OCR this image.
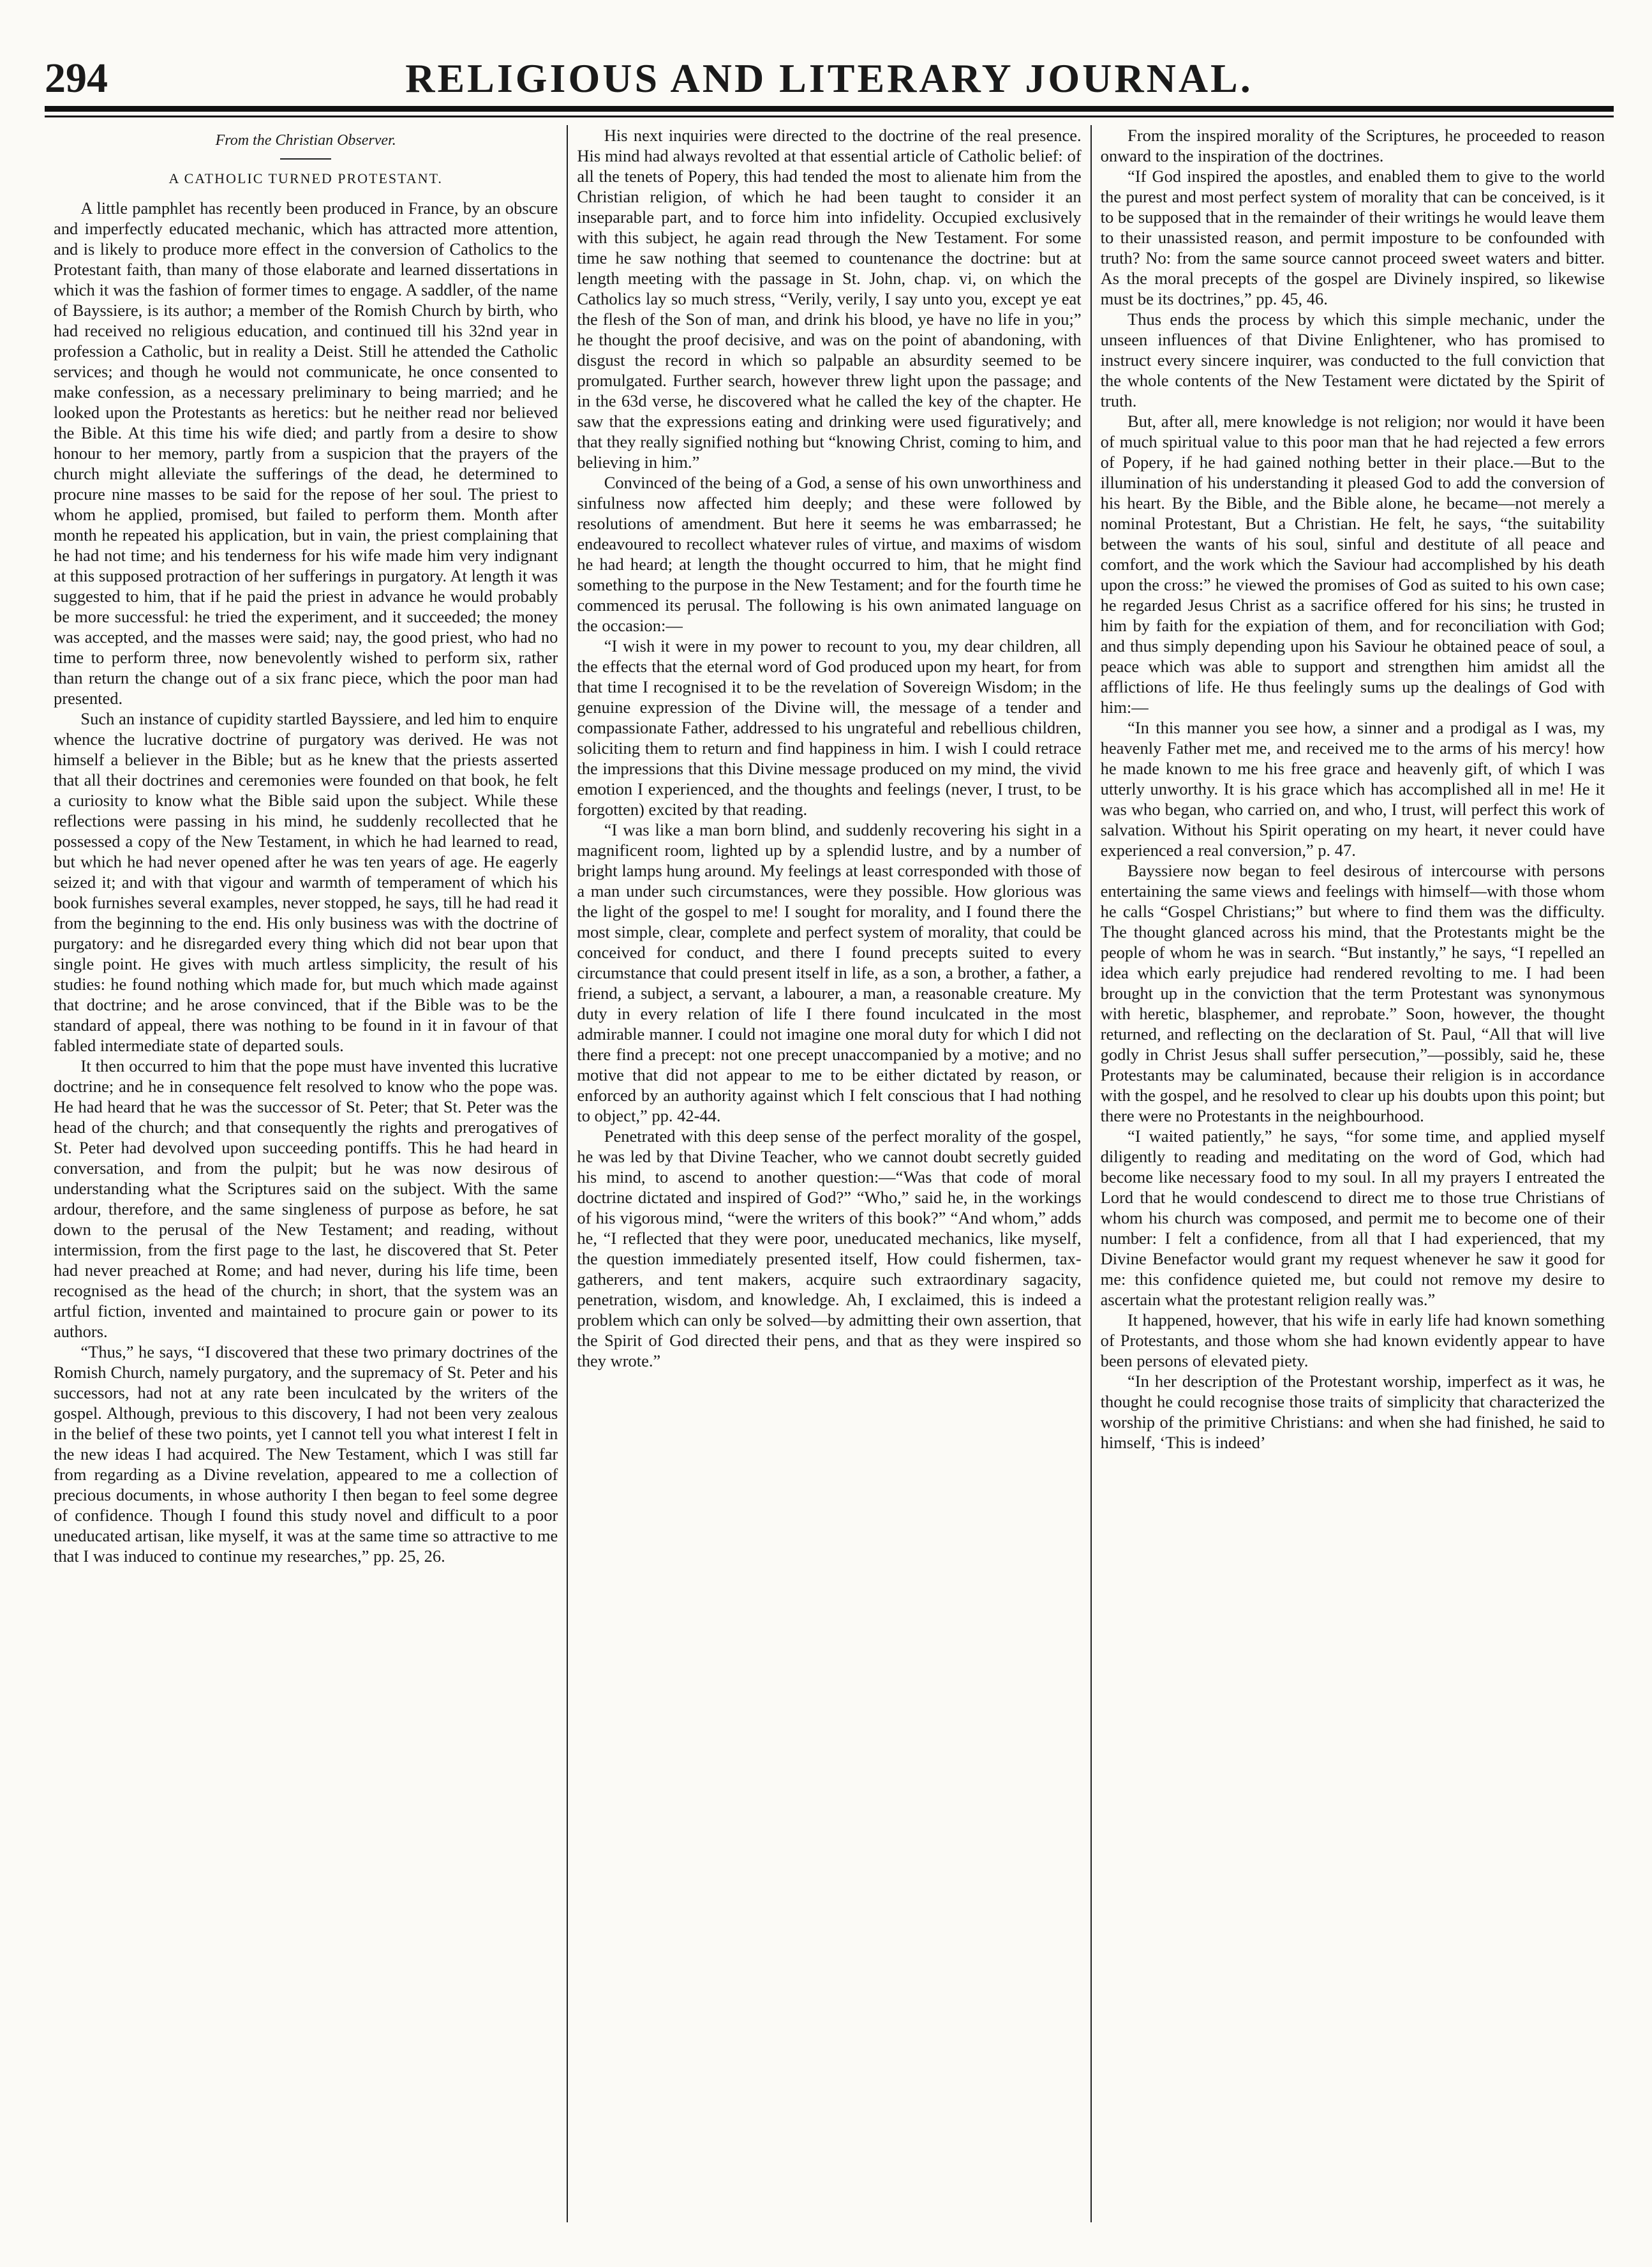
294	RELIGIOUS AND LITERARY JOURNAL.

From the Christian Observer.

A CATHOLIC TURNED PROTESTANT.

A little pamphlet has recently been produced in France, by an obscure and imperfectly educated mechanic, which has attracted more attention, and is likely to produce more effect in the conversion of Catholics to the Protestant faith, than many of those elaborate and learned dissertations in which it was the fashion of former times to engage. A saddler, of the name of Bayssiere, is its author; a member of the Romish Church by birth, who had received no religious education, and continued till his 32nd year in profession a Catholic, but in reality a Deist. Still he attended the Catholic services; and though he would not communicate, he once consented to make confession, as a necessary preliminary to being married; and he looked upon the Protestants as heretics: but he neither read nor believed the Bible. At this time his wife died; and partly from a desire to show honour to her memory, partly from a suspicion that the prayers of the church might alleviate the sufferings of the dead, he determined to procure nine masses to be said for the repose of her soul. The priest to whom he applied, promised, but failed to perform them. Month after month he repeated his application, but in vain, the priest complaining that he had not time; and his tenderness for his wife made him very indignant at this supposed protraction of her sufferings in purgatory. At length it was suggested to him, that if he paid the priest in advance he would probably be more successful: he tried the experiment, and it succeeded; the money was accepted, and the masses were said; nay, the good priest, who had no time to perform three, now benevolently wished to perform six, rather than return the change out of a six franc piece, which the poor man had presented.

Such an instance of cupidity startled Bayssiere, and led him to enquire whence the lucrative doctrine of purgatory was derived. He was not himself a believer in the Bible; but as he knew that the priests asserted that all their doctrines and ceremonies were founded on that book, he felt a curiosity to know what the Bible said upon the subject. While these reflections were passing in his mind, he suddenly recollected that he possessed a copy of the New Testament, in which he had learned to read, but which he had never opened after he was ten years of age. He eagerly seized it; and with that vigour and warmth of temperament of which his book furnishes several examples, never stopped, he says, till he had read it from the beginning to the end. His only business was with the doctrine of purgatory: and he disregarded every thing which did not bear upon that single point. He gives with much artless simplicity, the result of his studies: he found nothing which made for, but much which made against that doctrine; and he arose convinced, that if the Bible was to be the standard of appeal, there was nothing to be found in it in favour of that fabled intermediate state of departed souls.

It then occurred to him that the pope must have invented this lucrative doctrine; and he in consequence felt resolved to know who the pope was. He had heard that he was the successor of St. Peter; that St. Peter was the head of the church; and that consequently the rights and prerogatives of St. Peter had devolved upon succeeding pontiffs. This he had heard in conversation, and from the pulpit; but he was now desirous of understanding what the Scriptures said on the subject. With the same ardour, therefore, and the same singleness of purpose as before, he sat down to the perusal of the New Testament; and reading, without intermission, from the first page to the last, he discovered that St. Peter had never preached at Rome; and had never, during his life time, been recognised as the head of the church; in short, that the system was an artful fiction, invented and maintained to procure gain or power to its authors.

“Thus,” he says, “I discovered that these two primary doctrines of the Romish Church, namely purgatory, and the supremacy of St. Peter and his successors, had not at any rate been inculcated by the writers of the gospel. Although, previous to this discovery, I had not been very zealous in the belief of these two points, yet I cannot tell you what interest I felt in the new ideas I had acquired. The New Testament, which I was still far from regarding as a Divine revelation, appeared to me a collection of precious documents, in whose authority I then began to feel some degree of confidence. Though I found this study novel and difficult to a poor uneducated artisan, like myself, it was at the same time so attractive to me that I was induced to continue my researches,” pp. 25, 26.

His next inquiries were directed to the doctrine of the real presence. His mind had always revolted at that essential article of Catholic belief: of all the tenets of Popery, this had tended the most to alienate him from the Christian religion, of which he had been taught to consider it an inseparable part, and to force him into infidelity. Occupied exclusively with this subject, he again read through the New Testament. For some time he saw nothing that seemed to countenance the doctrine: but at length meeting with the passage in St. John, chap. vi, on which the Catholics lay so much stress, “Verily, verily, I say unto you, except ye eat the flesh of the Son of man, and drink his blood, ye have no life in you;” he thought the proof decisive, and was on the point of abandoning, with disgust the record in which so palpable an absurdity seemed to be promulgated. Further search, however threw light upon the passage; and in the 63d verse, he discovered what he called the key of the chapter. He saw that the expressions eating and drinking were used figuratively; and that they really signified nothing but “knowing Christ, coming to him, and believing in him.”

Convinced of the being of a God, a sense of his own unworthiness and sinfulness now affected him deeply; and these were followed by resolutions of amendment. But here it seems he was embarrassed; he endeavoured to recollect whatever rules of virtue, and maxims of wisdom he had heard; at length the thought occurred to him, that he might find something to the purpose in the New Testament; and for the fourth time he commenced its perusal. The following is his own animated language on the occasion:—

“I wish it were in my power to recount to you, my dear children, all the effects that the eternal word of God produced upon my heart, for from that time I recognised it to be the revelation of Sovereign Wisdom; in the genuine expression of the Divine will, the message of a tender and compassionate Father, addressed to his ungrateful and rebellious children, soliciting them to return and find happiness in him. I wish I could retrace the impressions that this Divine message produced on my mind, the vivid emotion I experienced, and the thoughts and feelings (never, I trust, to be forgotten) excited by that reading.

“I was like a man born blind, and suddenly recovering his sight in a magnificent room, lighted up by a splendid lustre, and by a number of bright lamps hung around. My feelings at least corresponded with those of a man under such circumstances, were they possible. How glorious was the light of the gospel to me! I sought for morality, and I found there the most simple, clear, complete and perfect system of morality, that could be conceived for conduct, and there I found precepts suited to every circumstance that could present itself in life, as a son, a brother, a father, a friend, a subject, a servant, a labourer, a man, a reasonable creature. My duty in every relation of life I there found inculcated in the most admirable manner. I could not imagine one moral duty for which I did not there find a precept: not one precept unaccompanied by a motive; and no motive that did not appear to me to be either dictated by reason, or enforced by an authority against which I felt conscious that I had nothing to object,” pp. 42-44.

Penetrated with this deep sense of the perfect morality of the gospel, he was led by that Divine Teacher, who we cannot doubt secretly guided his mind, to ascend to another question:—“Was that code of moral doctrine dictated and inspired of God?” “Who,” said he, in the workings of his vigorous mind, “were the writers of this book?” “And whom,” adds he, “I reflected that they were poor, uneducated mechanics, like myself, the question immediately presented itself, How could fishermen, tax-gatherers, and tent makers, acquire such extraordinary sagacity, penetration, wisdom, and knowledge. Ah, I exclaimed, this is indeed a problem which can only be solved—by admitting their own assertion, that the Spirit of God directed their pens, and that as they were inspired so they wrote.”

From the inspired morality of the Scriptures, he proceeded to reason onward to the inspiration of the doctrines.

“If God inspired the apostles, and enabled them to give to the world the purest and most perfect system of morality that can be conceived, is it to be supposed that in the remainder of their writings he would leave them to their unassisted reason, and permit imposture to be confounded with truth? No: from the same source cannot proceed sweet waters and bitter. As the moral precepts of the gospel are Divinely inspired, so likewise must be its doctrines,” pp. 45, 46.

Thus ends the process by which this simple mechanic, under the unseen influences of that Divine Enlightener, who has promised to instruct every sincere inquirer, was conducted to the full conviction that the whole contents of the New Testament were dictated by the Spirit of truth.

But, after all, mere knowledge is not religion; nor would it have been of much spiritual value to this poor man that he had rejected a few errors of Popery, if he had gained nothing better in their place.—But to the illumination of his understanding it pleased God to add the conversion of his heart. By the Bible, and the Bible alone, he became—not merely a nominal Protestant, But a Christian. He felt, he says, “the suitability between the wants of his soul, sinful and destitute of all peace and comfort, and the work which the Saviour had accomplished by his death upon the cross:” he viewed the promises of God as suited to his own case; he regarded Jesus Christ as a sacrifice offered for his sins; he trusted in him by faith for the expiation of them, and for reconciliation with God; and thus simply depending upon his Saviour he obtained peace of soul, a peace which was able to support and strengthen him amidst all the afflictions of life. He thus feelingly sums up the dealings of God with him:—

“In this manner you see how, a sinner and a prodigal as I was, my heavenly Father met me, and received me to the arms of his mercy! how he made known to me his free grace and heavenly gift, of which I was utterly unworthy. It is his grace which has accomplished all in me! He it was who began, who carried on, and who, I trust, will perfect this work of salvation. Without his Spirit operating on my heart, it never could have experienced a real conversion,” p. 47.

Bayssiere now began to feel desirous of intercourse with persons entertaining the same views and feelings with himself—with those whom he calls “Gospel Christians;” but where to find them was the difficulty. The thought glanced across his mind, that the Protestants might be the people of whom he was in search. “But instantly,” he says, “I repelled an idea which early prejudice had rendered revolting to me. I had been brought up in the conviction that the term Protestant was synonymous with heretic, blasphemer, and reprobate.” Soon, however, the thought returned, and reflecting on the declaration of St. Paul, “All that will live godly in Christ Jesus shall suffer persecution,”—possibly, said he, these Protestants may be caluminated, because their religion is in accordance with the gospel, and he resolved to clear up his doubts upon this point; but there were no Protestants in the neighbourhood.

“I waited patiently,” he says, “for some time, and applied myself diligently to reading and meditating on the word of God, which had become like necessary food to my soul. In all my prayers I entreated the Lord that he would condescend to direct me to those true Christians of whom his church was composed, and permit me to become one of their number: I felt a confidence, from all that I had experienced, that my Divine Benefactor would grant my request whenever he saw it good for me: this confidence quieted me, but could not remove my desire to ascertain what the protestant religion really was.”

It happened, however, that his wife in early life had known something of Protestants, and those whom she had known evidently appear to have been persons of elevated piety.

“In her description of the Protestant worship, imperfect as it was, he thought he could recognise those traits of simplicity that characterized the worship of the primitive Christians: and when she had finished, he said to himself, ‘This is indeed’
